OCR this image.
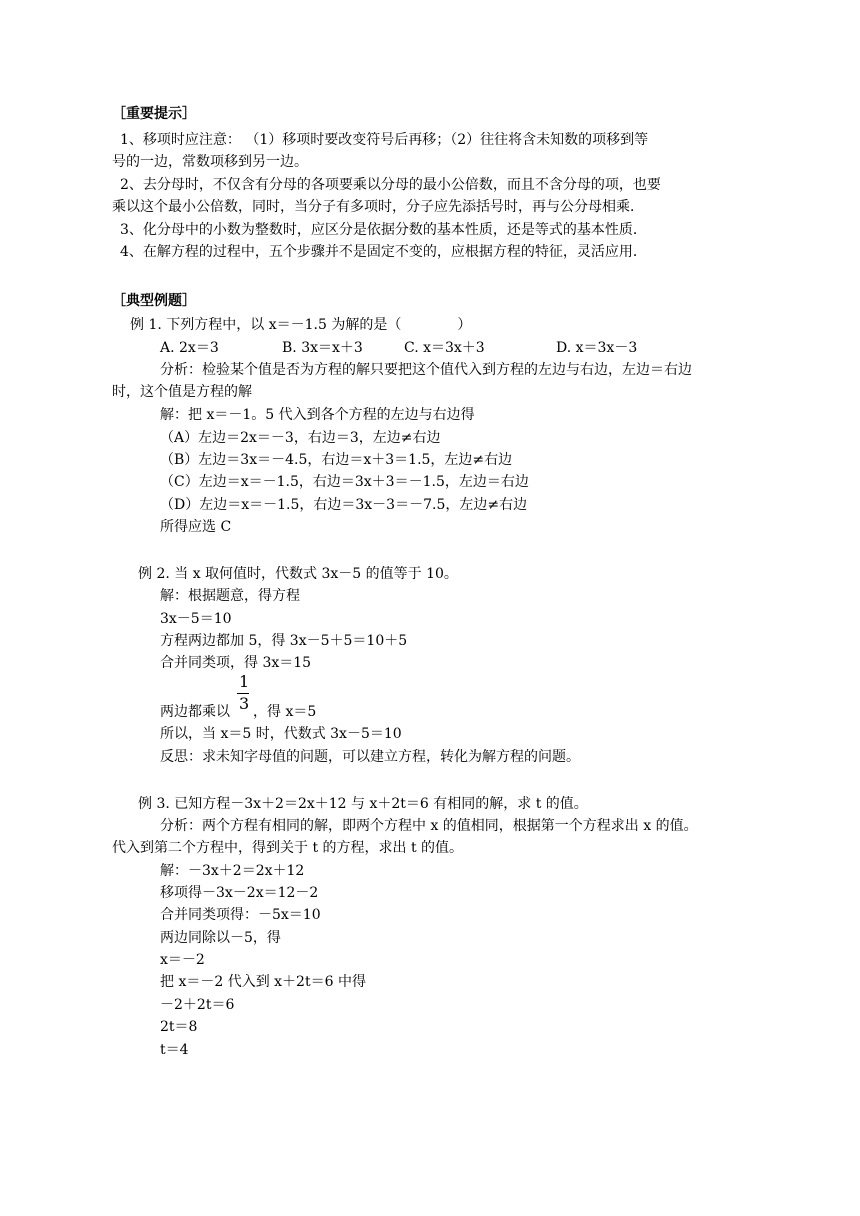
［重要提示］
1、移项时应注意： （1）移项时要改变符号后再移；（2）往往将含未知数的项移到等
号的一边，常数项移到另一边。
2、去分母时，不仅含有分母的各项要乘以分母的最小公倍数，而且不含分母的项，也要
乘以这个最小公倍数，同时，当分子有多项时，分子应先添括号时，再与公分母相乘．
3、化分母中的小数为整数时，应区分是依据分数的基本性质，还是等式的基本性质．
4、在解方程的过程中，五个步骤并不是固定不变的，应根据方程的特征，灵活应用．
［典型例题］
例 1. 下列方程中，以 x＝－1.5 为解的是（　　　　）
A. 2x＝3	B. 3x＝x＋3	C. x＝3x＋3	D. x＝3x－3
分析：检验某个值是否为方程的解只要把这个值代入到方程的左边与右边，左边＝右边
时，这个值是方程的解
解：把 x＝－1。5 代入到各个方程的左边与右边得
（A）左边＝2x＝－3，右边＝3，左边≠右边
（B）左边＝3x＝－4.5，右边＝x＋3＝1.5，左边≠右边
（C）左边＝x＝－1.5，右边＝3x＋3＝－1.5，左边＝右边
（D）左边＝x＝－1.5，右边＝3x－3＝－7.5，左边≠右边
所得应选 C
例 2. 当 x 取何值时，代数式 3x－5 的值等于 10。
解：根据题意，得方程
3x－5＝10
方程两边都加 5，得 3x－5＋5＝10＋5
合并同类项，得 3x＝15
1
3
两边都乘以 ，得 x＝5
所以，当 x＝5 时，代数式 3x－5＝10
反思：求未知字母值的问题，可以建立方程，转化为解方程的问题。
例 3. 已知方程－3x＋2＝2x＋12 与 x＋2t＝6 有相同的解，求 t 的值。
分析：两个方程有相同的解，即两个方程中 x 的值相同，根据第一个方程求出 x 的值。
代入到第二个方程中，得到关于 t 的方程，求出 t 的值。
解：－3x＋2＝2x＋12
移项得－3x－2x＝12－2
合并同类项得：－5x＝10
两边同除以－5，得
x＝－2
把 x＝－2 代入到 x＋2t＝6 中得
－2＋2t＝6
2t＝8
t＝4
